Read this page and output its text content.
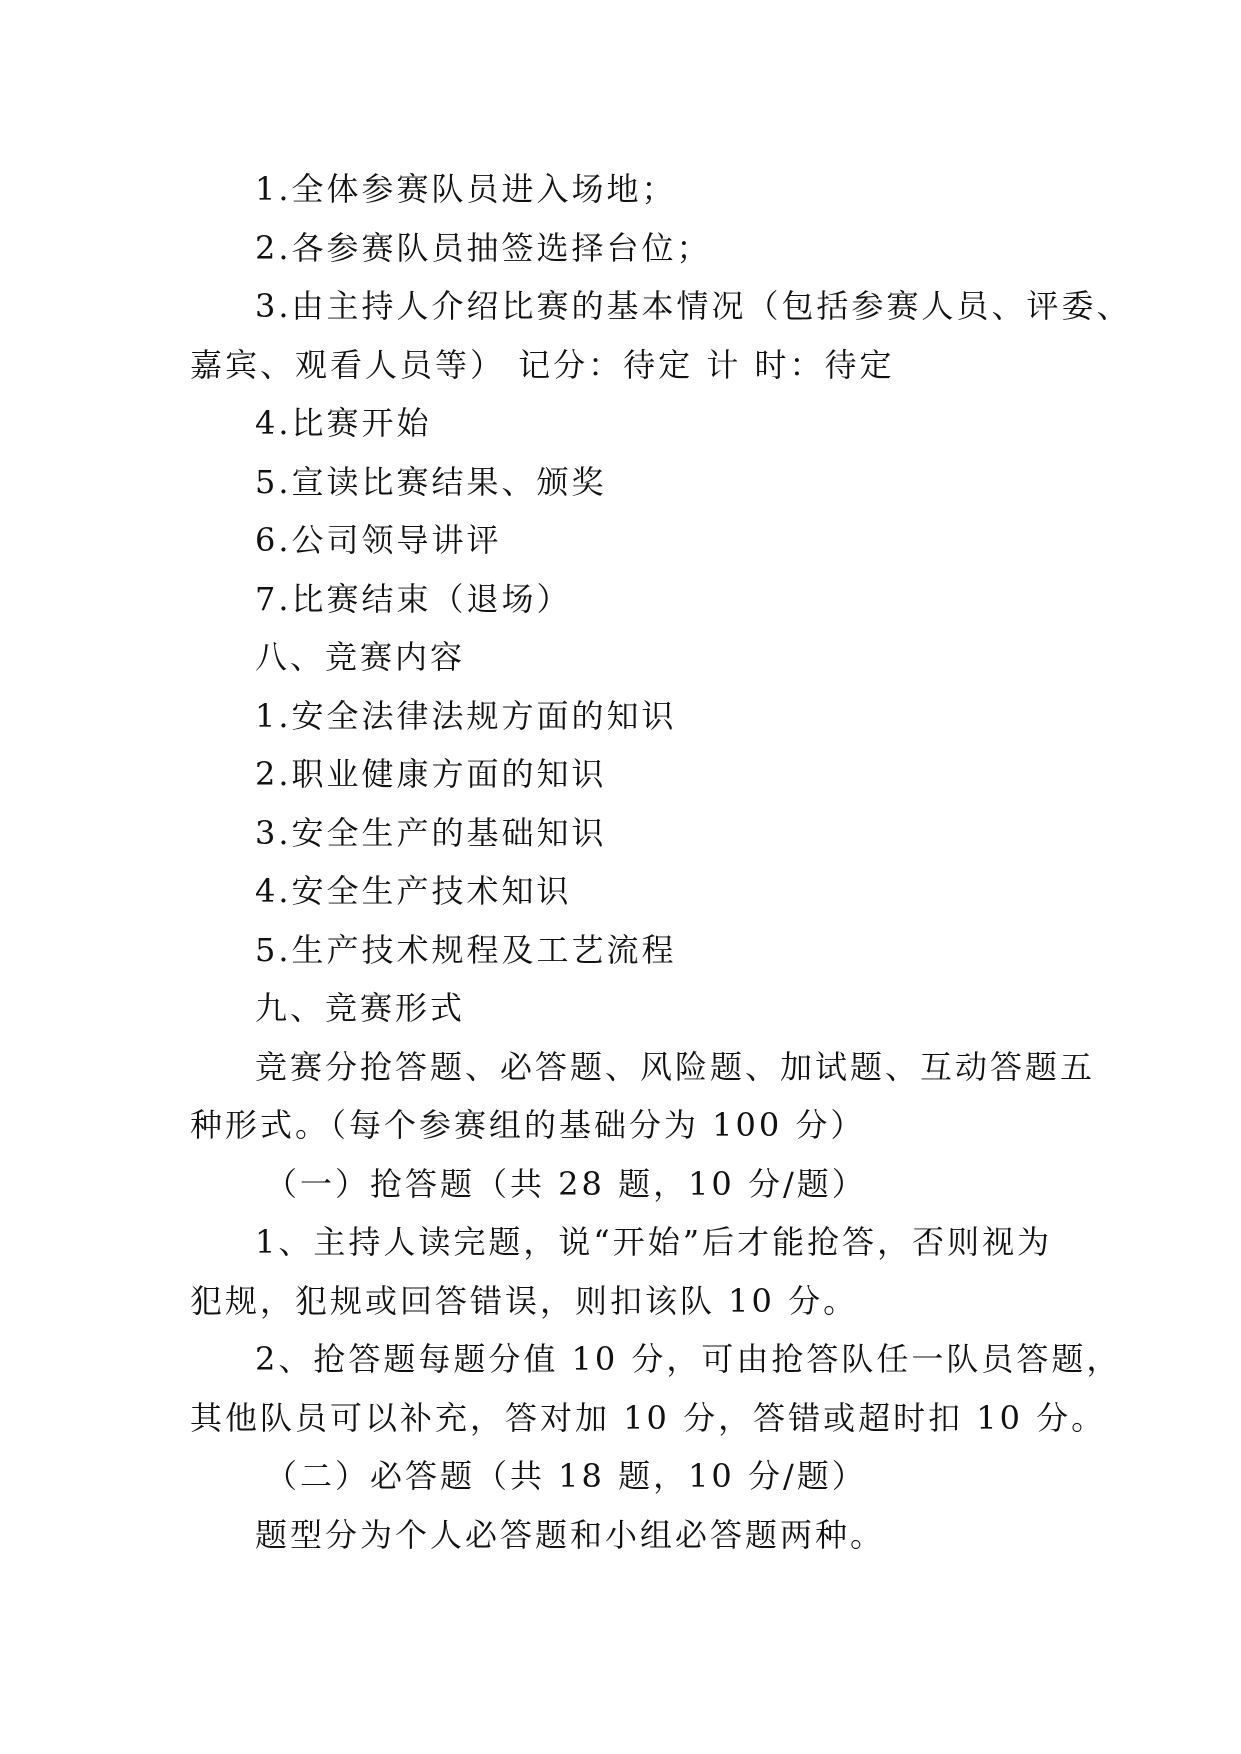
1.全体参赛队员进入场地；
2.各参赛队员抽签选择台位；
3.由主持人介绍比赛的基本情况（包括参赛人员、评委、
嘉宾、观看人员等） 记分：待定 计 时：待定
4.比赛开始
5.宣读比赛结果、颁奖
6.公司领导讲评
7.比赛结束（退场）
八、竞赛内容
1.安全法律法规方面的知识
2.职业健康方面的知识
3.安全生产的基础知识
4.安全生产技术知识
5.生产技术规程及工艺流程
九、竞赛形式
竞赛分抢答题、必答题、风险题、加试题、互动答题五
种形式。（每个参赛组的基础分为 100 分）
（一）抢答题（共 28 题，10 分/题）
1、主持人读完题，说“开始”后才能抢答，否则视为
犯规，犯规或回答错误，则扣该队 10 分。
2、抢答题每题分值 10 分，可由抢答队任一队员答题，
其他队员可以补充，答对加 10 分，答错或超时扣 10 分。
（二）必答题（共 18 题，10 分/题）
题型分为个人必答题和小组必答题两种。
